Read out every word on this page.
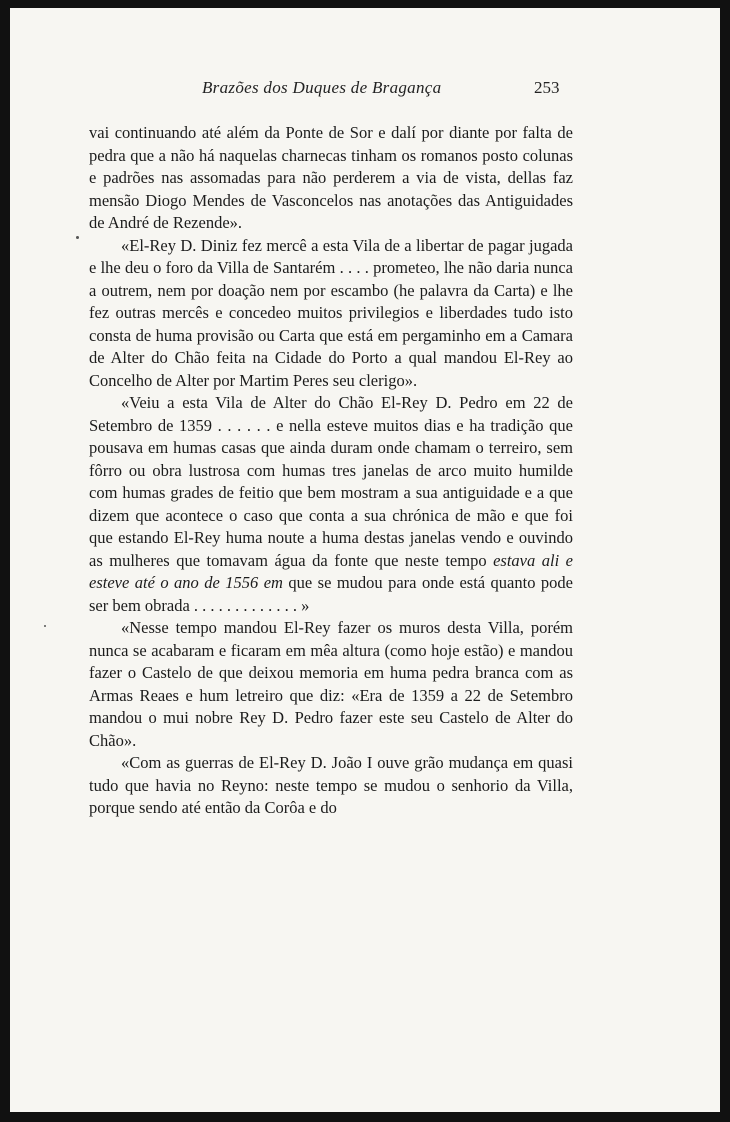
Brazões dos Duques de Bragança	253

vai continuando até além da Ponte de Sor e dalí por diante por falta de pedra que a não há naquelas charnecas tinham os romanos posto colunas e padrões nas assomadas para não perderem a via de vista, dellas faz mensão Diogo Mendes de Vasconcelos nas anotações das Antiguidades de André de Rezende».

«El-Rey D. Diniz fez mercê a esta Vila de a libertar de pagar jugada e lhe deu o foro da Villa de Santarém . . . . prometeo, lhe não daria nunca a outrem, nem por doação nem por escambo (he palavra da Carta) e lhe fez outras mercês e concedeo muitos privilegios e liberdades tudo isto consta de huma provisão ou Carta que está em pergaminho em a Camara de Alter do Chão feita na Cidade do Porto a qual mandou El-Rey ao Concelho de Alter por Martim Peres seu clerigo».

«Veiu a esta Vila de Alter do Chão El-Rey D. Pedro em 22 de Setembro de 1359 . . . . . . e nella esteve muitos dias e ha tradição que pousava em humas casas que ainda duram onde chamam o terreiro, sem fôrro ou obra lustrosa com humas tres janelas de arco muito humilde com humas grades de feitio que bem mostram a sua antiguidade e a que dizem que acontece o caso que conta a sua chrónica de mão e que foi que estando El-Rey huma noute a huma destas janelas vendo e ouvindo as mulheres que tomavam água da fonte que neste tempo estava ali e esteve até o ano de 1556 em que se mudou para onde está quanto pode ser bem obrada . . . . . . . . . . . . . »

«Nesse tempo mandou El-Rey fazer os muros desta Villa, porém nunca se acabaram e ficaram em mêa altura (como hoje estão) e mandou fazer o Castelo de que deixou memoria em huma pedra branca com as Armas Reaes e hum letreiro que diz: «Era de 1359 a 22 de Setembro mandou o mui nobre Rey D. Pedro fazer este seu Castelo de Alter do Chão».

«Com as guerras de El-Rey D. João I ouve grão mudança em quasi tudo que havia no Reyno: neste tempo se mudou o senhorio da Villa, porque sendo até então da Corôa e do
